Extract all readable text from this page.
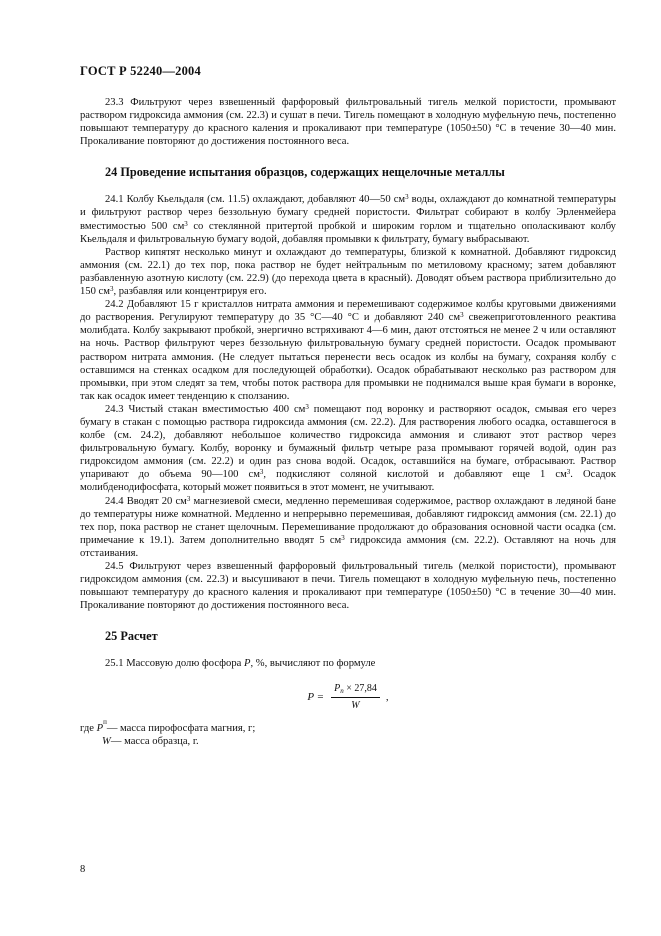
ГОСТ Р 52240—2004

23.3 Фильтруют через взвешенный фарфоровый фильтровальный тигель мелкой пористости, промывают раствором гидроксида аммония (см. 22.3) и сушат в печи. Тигель помещают в холодную муфельную печь, постепенно повышают температуру до красного каления и прокаливают при температуре (1050±50) °С в течение 30—40 мин. Прокаливание повторяют до достижения постоянного веса.

24 Проведение испытания образцов, содержащих нещелочные металлы

24.1 Колбу Кьельдаля (см. 11.5) охлаждают, добавляют 40—50 $см^3$ воды, охлаждают до комнатной температуры и фильтруют раствор через беззольную бумагу средней пористости. Фильтрат собирают в колбу Эрленмейера вместимостью 500 $см^3$ со стеклянной притертой пробкой и широким горлом и тщательно ополаскивают колбу Кьельдаля и фильтровальную бумагу водой, добавляя промывки к фильтрату, бумагу выбрасывают.

Раствор кипятят несколько минут и охлаждают до температуры, близкой к комнатной. Добавляют гидроксид аммония (см. 22.1) до тех пор, пока раствор не будет нейтральным по метиловому красному; затем добавляют разбавленную азотную кислоту (см. 22.9) (до перехода цвета в красный). Доводят объем раствора приблизительно до 150 $см^3$, разбавляя или концентрируя его.

24.2 Добавляют 15 г кристаллов нитрата аммония и перемешивают содержимое колбы круговыми движениями до растворения. Регулируют температуру до 35 °С—40 °С и добавляют 240 $см^3$ свежеприготовленного реактива молибдата. Колбу закрывают пробкой, энергично встряхивают 4—6 мин, дают отстояться не менее 2 ч или оставляют на ночь. Раствор фильтруют через беззольную фильтровальную бумагу средней пористости. Осадок промывают раствором нитрата аммония. (Не следует пытаться перенести весь осадок из колбы на бумагу, сохраняя колбу с оставшимся на стенках осадком для последующей обработки). Осадок обрабатывают несколько раз раствором для промывки, при этом следят за тем, чтобы поток раствора для промывки не поднимался выше края бумаги в воронке, так как осадок имеет тенденцию к сползанию.

24.3 Чистый стакан вместимостью 400 $см^3$ помещают под воронку и растворяют осадок, смывая его через бумагу в стакан с помощью раствора гидроксида аммония (см. 22.2). Для растворения любого осадка, оставшегося в колбе (см. 24.2), добавляют небольшое количество гидроксида аммония и сливают этот раствор через фильтровальную бумагу. Колбу, воронку и бумажный фильтр четыре раза промывают горячей водой, один раз гидроксидом аммония (см. 22.2) и один раз снова водой. Осадок, оставшийся на бумаге, отбрасывают. Раствор упаривают до объема 90—100 $см^3$, подкисляют соляной кислотой и добавляют еще 1 $см^3$. Осадок молибденодифосфата, который может появиться в этот момент, не учитывают.

24.4 Вводят 20 $см^3$ магнезиевой смеси, медленно перемешивая содержимое, раствор охлаждают в ледяной бане до температуры ниже комнатной. Медленно и непрерывно перемешивая, добавляют гидроксид аммония (см. 22.1) до тех пор, пока раствор не станет щелочным. Перемешивание продолжают до образования основной части осадка (см. примечание к 19.1). Затем дополнительно вводят 5 $см^3$ гидроксида аммония (см. 22.2). Оставляют на ночь для отстаивания.

24.5 Фильтруют через взвешенный фарфоровый фильтровальный тигель (мелкой пористости), промывают гидроксидом аммония (см. 22.3) и высушивают в печи. Тигель помещают в холодную муфельную печь, постепенно повышают температуру до красного каления и прокаливают при температуре (1050±50) °С в течение 30—40 мин. Прокаливание повторяют до достижения постоянного веса.

25 Расчет

25.1 Массовую долю фосфора P, %, вычисляют по формуле

$P = \frac{P_п \times 27,84}{W}$ ,
где
P
п
— масса пирофосфата магния, г;
W — масса образца, г.
8
